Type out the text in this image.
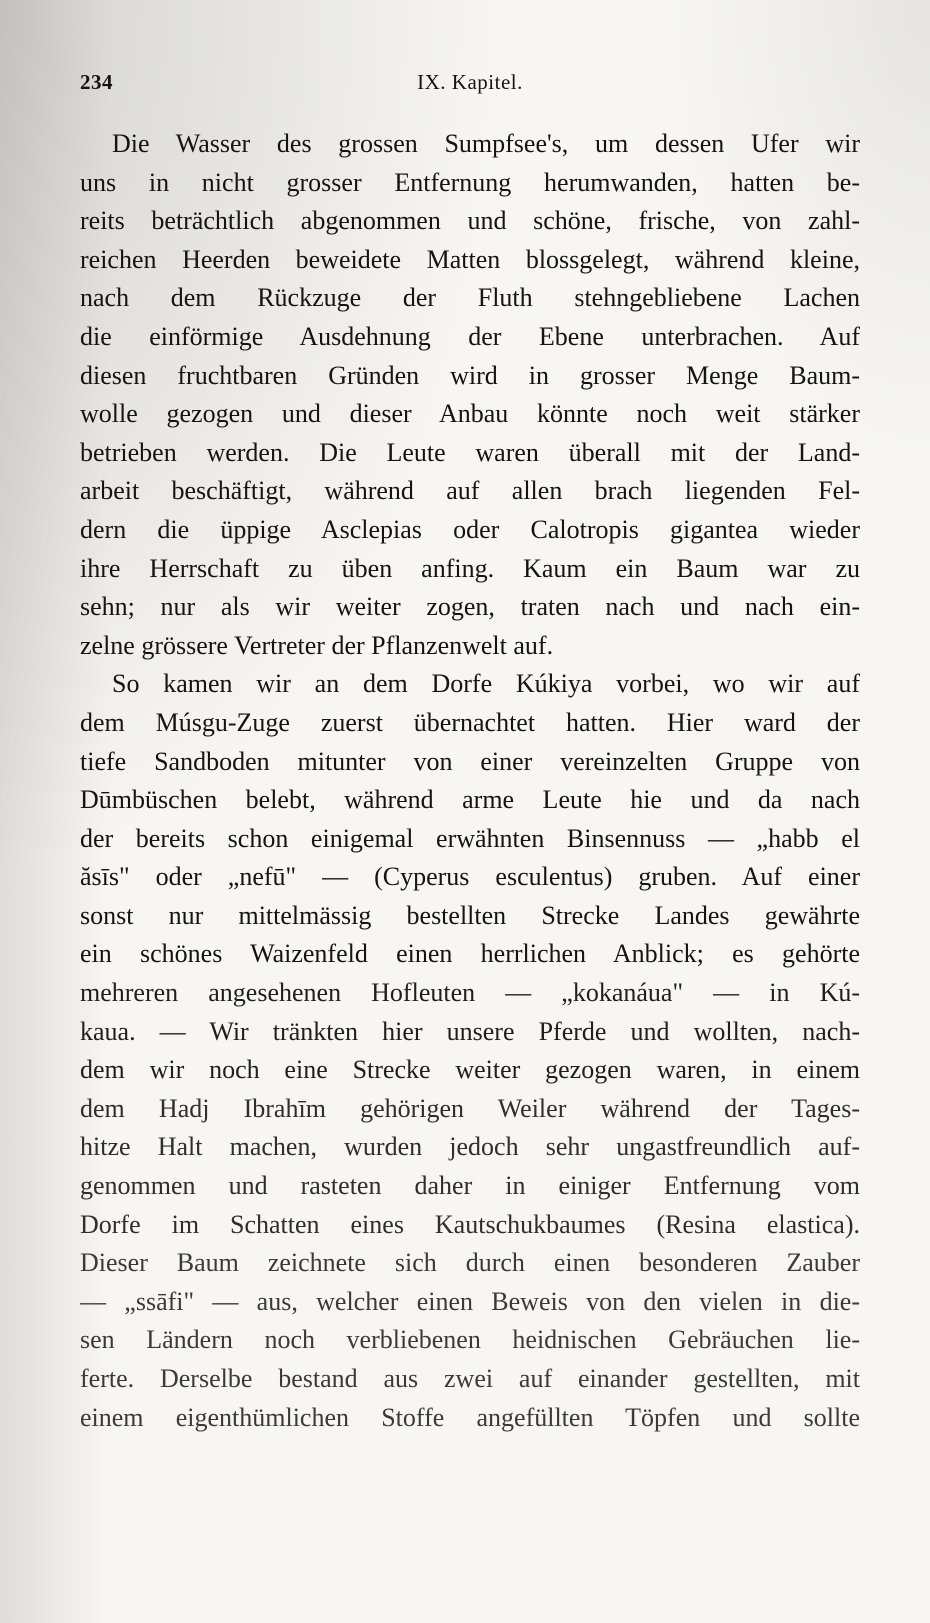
234	IX. Kapitel.
Die Wasser des grossen Sumpfsee's, um dessen Ufer wir
uns in nicht grosser Entfernung herumwanden, hatten be-
reits beträchtlich abgenommen und schöne, frische, von zahl-
reichen Heerden beweidete Matten blossgelegt, während kleine,
nach dem Rückzuge der Fluth stehngebliebene Lachen
die einförmige Ausdehnung der Ebene unterbrachen. Auf
diesen fruchtbaren Gründen wird in grosser Menge Baum-
wolle gezogen und dieser Anbau könnte noch weit stärker
betrieben werden. Die Leute waren überall mit der Land-
arbeit beschäftigt, während auf allen brach liegenden Fel-
dern die üppige Asclepias oder Calotropis gigantea wieder
ihre Herrschaft zu üben anfing. Kaum ein Baum war zu
sehn; nur als wir weiter zogen, traten nach und nach ein-
zelne grössere Vertreter der Pflanzenwelt auf.
So kamen wir an dem Dorfe Kúkiya vorbei, wo wir auf
dem Músgu-Zuge zuerst übernachtet hatten. Hier ward der
tiefe Sandboden mitunter von einer vereinzelten Gruppe von
Dūmbüschen belebt, während arme Leute hie und da nach
der bereits schon einigemal erwähnten Binsennuss — „habb el
ăsīs" oder „nefū" — (Cyperus esculentus) gruben. Auf einer
sonst nur mittelmässig bestellten Strecke Landes gewährte
ein schönes Waizenfeld einen herrlichen Anblick; es gehörte
mehreren angesehenen Hofleuten — „kokanáua" — in Kú-
kaua. — Wir tränkten hier unsere Pferde und wollten, nach-
dem wir noch eine Strecke weiter gezogen waren, in einem
dem Hadj Ibrahīm gehörigen Weiler während der Tages-
hitze Halt machen, wurden jedoch sehr ungastfreundlich auf-
genommen und rasteten daher in einiger Entfernung vom
Dorfe im Schatten eines Kautschukbaumes (Resina elastica).
Dieser Baum zeichnete sich durch einen besonderen Zauber
— „ssāfi" — aus, welcher einen Beweis von den vielen in die-
sen Ländern noch verbliebenen heidnischen Gebräuchen lie-
ferte. Derselbe bestand aus zwei auf einander gestellten, mit
einem eigenthümlichen Stoffe angefüllten Töpfen und sollte
